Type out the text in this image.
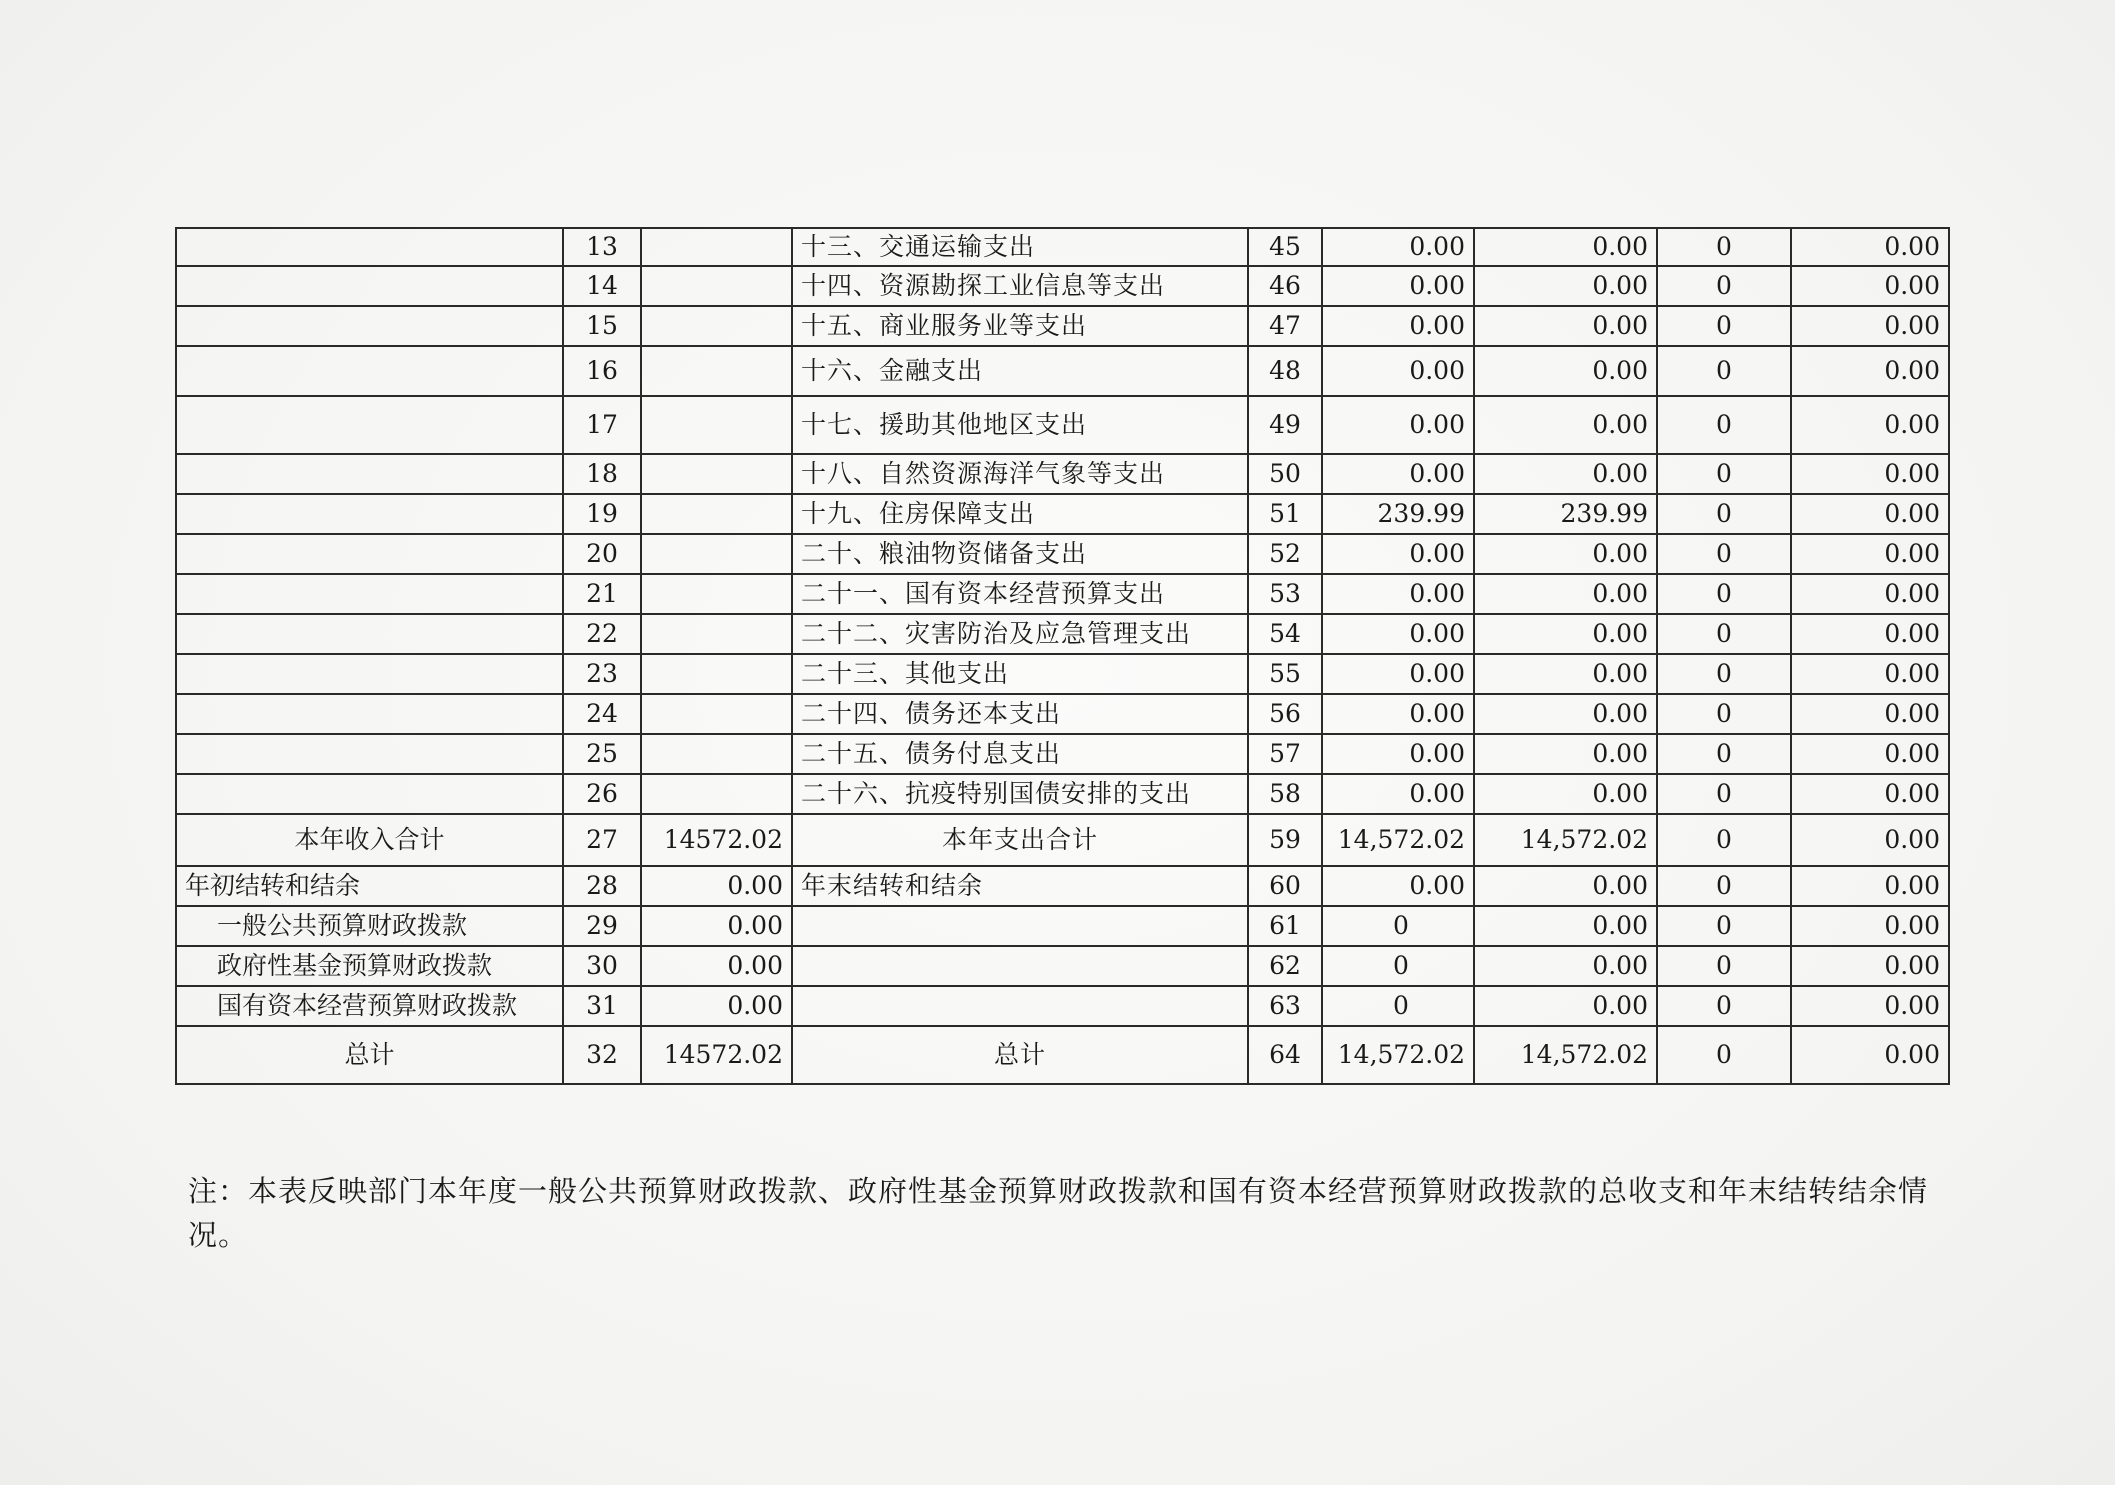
	13		十三、交通运输支出	45	0.00	0.00	0	0.00
	14		十四、资源勘探工业信息等支出	46	0.00	0.00	0	0.00
	15		十五、商业服务业等支出	47	0.00	0.00	0	0.00
	16		十六、金融支出	48	0.00	0.00	0	0.00
	17		十七、援助其他地区支出	49	0.00	0.00	0	0.00
	18		十八、自然资源海洋气象等支出	50	0.00	0.00	0	0.00
	19		十九、住房保障支出	51	239.99	239.99	0	0.00
	20		二十、粮油物资储备支出	52	0.00	0.00	0	0.00
	21		二十一、国有资本经营预算支出	53	0.00	0.00	0	0.00
	22		二十二、灾害防治及应急管理支出	54	0.00	0.00	0	0.00
	23		二十三、其他支出	55	0.00	0.00	0	0.00
	24		二十四、债务还本支出	56	0.00	0.00	0	0.00
	25		二十五、债务付息支出	57	0.00	0.00	0	0.00
	26		二十六、抗疫特别国债安排的支出	58	0.00	0.00	0	0.00
本年收入合计	27	14572.02	本年支出合计	59	14,572.02	14,572.02	0	0.00
年初结转和结余	28	0.00	年末结转和结余	60	0.00	0.00	0	0.00
一般公共预算财政拨款	29	0.00		61	0	0.00	0	0.00
政府性基金预算财政拨款	30	0.00		62	0	0.00	0	0.00
国有资本经营预算财政拨款	31	0.00		63	0	0.00	0	0.00
总计	32	14572.02	总计	64	14,572.02	14,572.02	0	0.00
注：本表反映部门本年度一般公共预算财政拨款、政府性基金预算财政拨款和国有资本经营预算财政拨款的总收支和年末结转结余情况。
